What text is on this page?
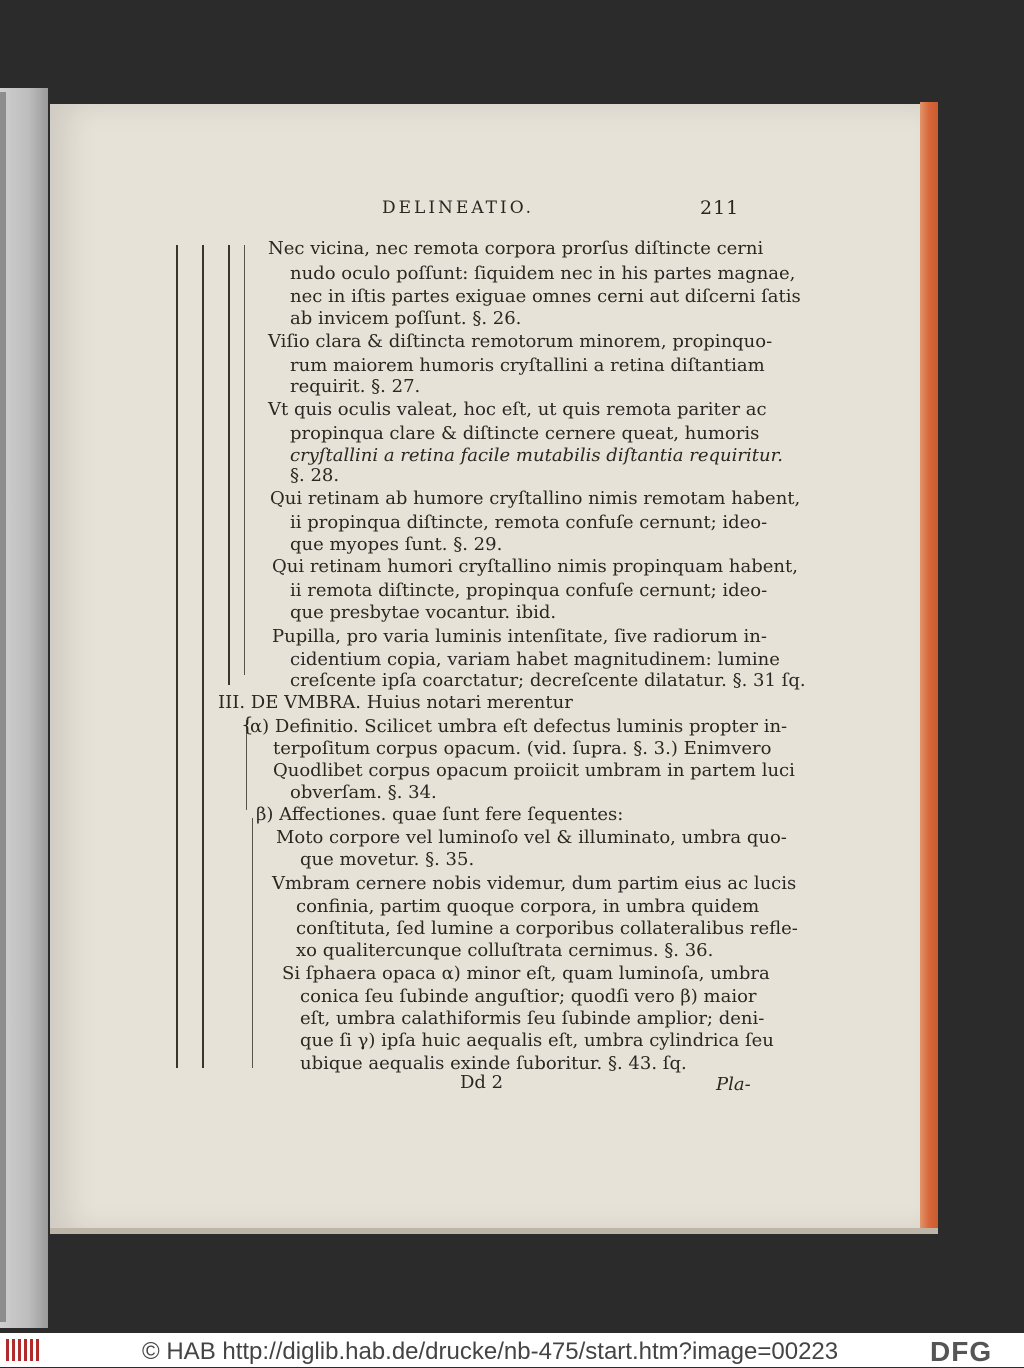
DELINEATIO.	211
{
Nec vicina, nec remota corpora prorſus diſtincte cerni
nudo oculo poſſunt: ſiquidem nec in his partes magnae,
nec in iſtis partes exiguae omnes cerni aut diſcerni ſatis
ab invicem poſſunt. §. 26.
Viſio clara & diſtincta remotorum minorem, propinquo-
rum maiorem humoris cryſtallini a retina diſtantiam
requirit. §. 27.
Vt quis oculis valeat, hoc eſt, ut quis remota pariter ac
propinqua clare & diſtincte cernere queat, humoris
cryſtallini a retina facile mutabilis diſtantia requiritur.
§. 28.
Qui retinam ab humore cryſtallino nimis remotam habent,
ii propinqua diſtincte, remota confuſe cernunt; ideo-
que myopes ſunt. §. 29.
Qui retinam humori cryſtallino nimis propinquam habent,
ii remota diſtincte, propinqua confuſe cernunt; ideo-
que presbytae vocantur. ibid.
Pupilla, pro varia luminis intenſitate, ſive radiorum in-
cidentium copia, variam habet magnitudinem: lumine
creſcente ipſa coarctatur; decreſcente dilatatur. §. 31 ſq.
III. DE VMBRA. Huius notari merentur
α) Definitio. Scilicet umbra eſt defectus luminis propter in-
terpoſitum corpus opacum. (vid. ſupra. §. 3.) Enimvero
Quodlibet corpus opacum proiicit umbram in partem luci
obverſam. §. 34.
β) Affectiones. quae ſunt fere ſequentes:
Moto corpore vel luminoſo vel & illuminato, umbra quo-
que movetur. §. 35.
Vmbram cernere nobis videmur, dum partim eius ac lucis
confinia, partim quoque corpora, in umbra quidem
conſtituta, ſed lumine a corporibus collateralibus refle-
xo qualitercunque colluſtrata cernimus. §. 36.
Si ſphaera opaca α) minor eſt, quam luminoſa, umbra
conica ſeu ſubinde anguſtior; quodſi vero β) maior
eſt, umbra calathiformis ſeu ſubinde amplior; deni-
que ſi γ) ipſa huic aequalis eſt, umbra cylindrica ſeu
ubique aequalis exinde ſuboritur. §. 43. ſq.
Dd 2	Pla-
© HAB http://diglib.hab.de/drucke/nb-475/start.htm?image=00223	DFG
